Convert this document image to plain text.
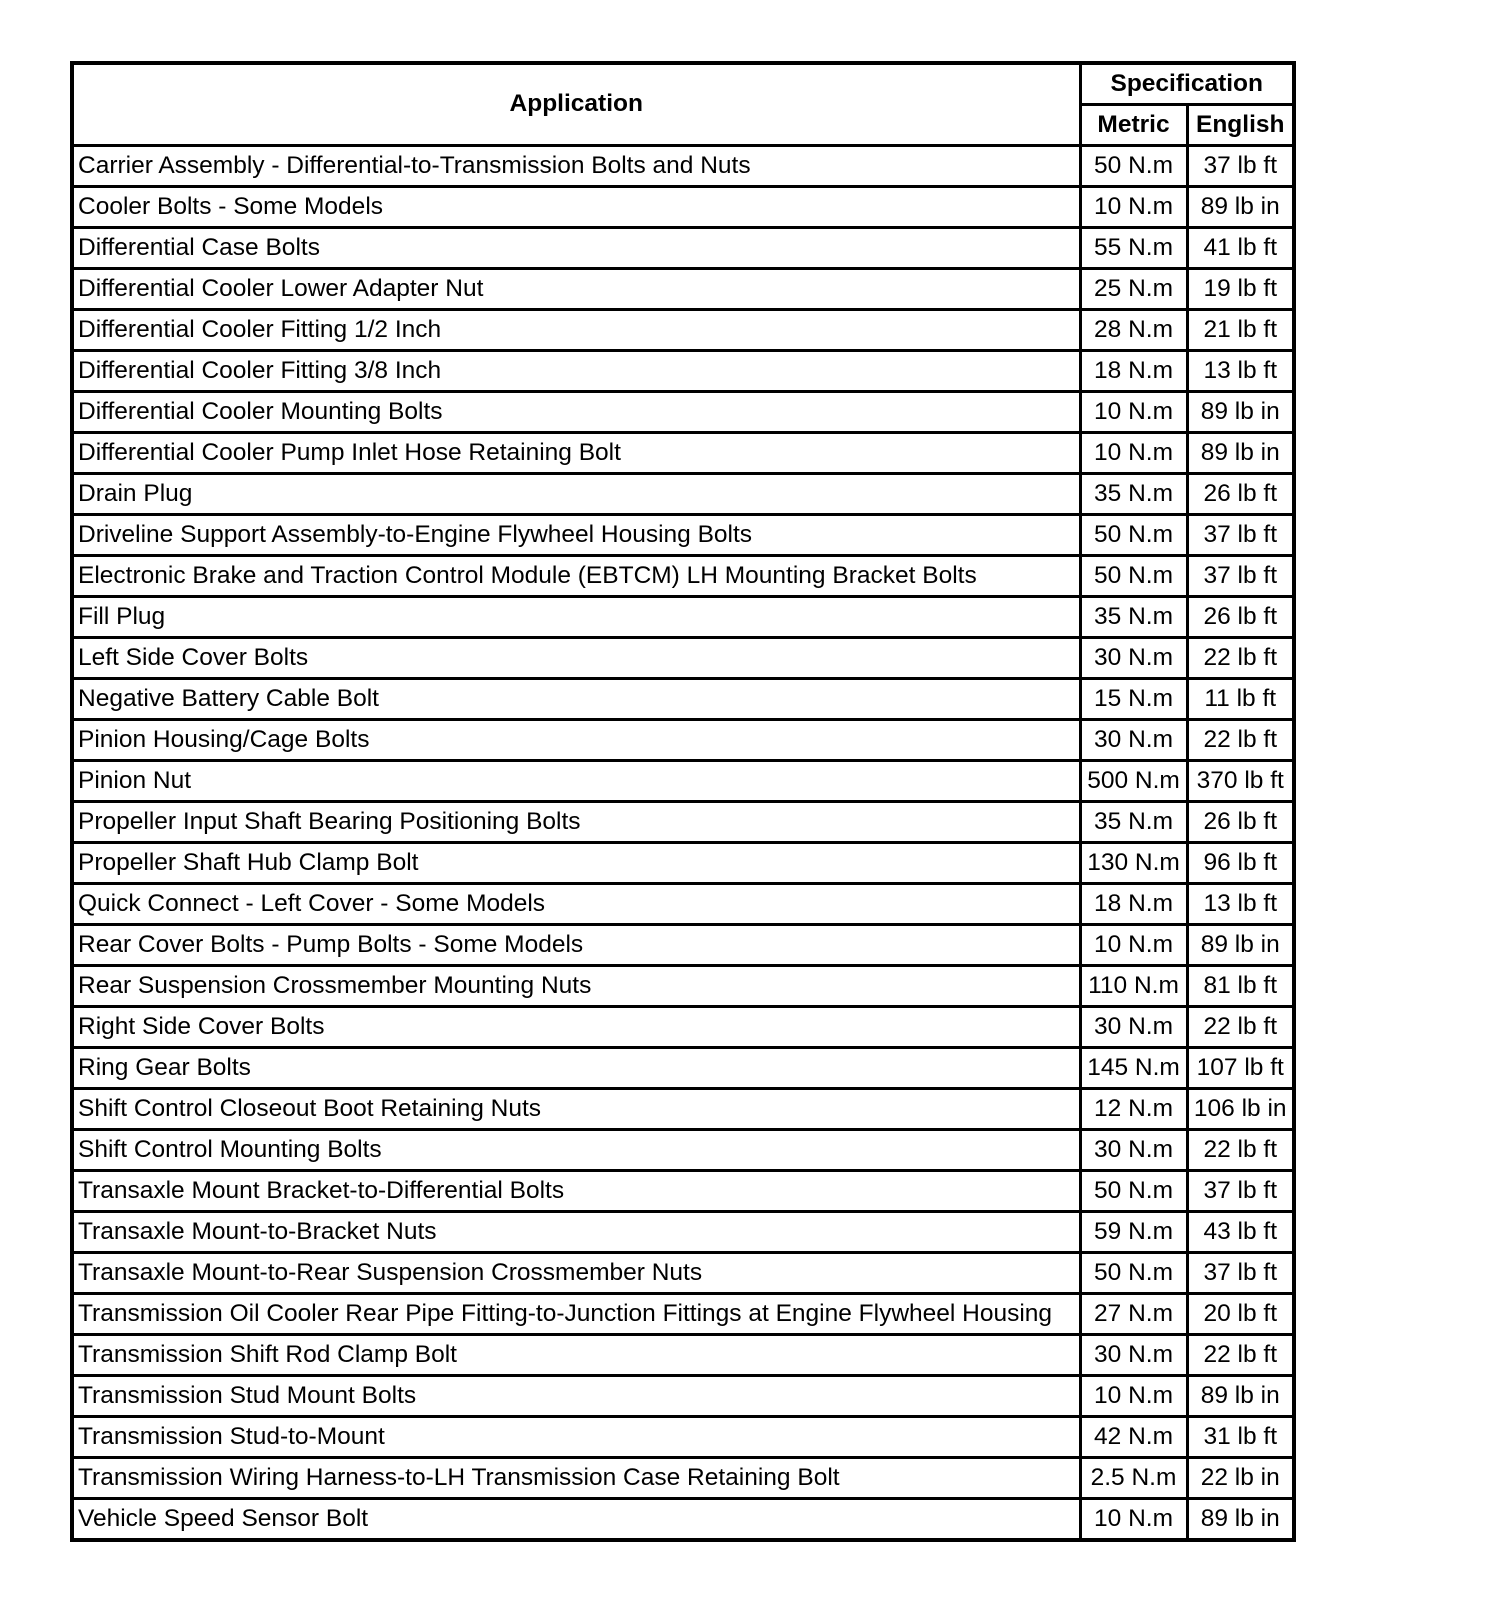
Application	Specification	
	Metric	English
Carrier Assembly - Differential-to-Transmission Bolts and Nuts	50 N.m	37 lb ft
Cooler Bolts - Some Models	10 N.m	89 lb in
Differential Case Bolts	55 N.m	41 lb ft
Differential Cooler Lower Adapter Nut	25 N.m	19 lb ft
Differential Cooler Fitting 1/2 Inch	28 N.m	21 lb ft
Differential Cooler Fitting 3/8 Inch	18 N.m	13 lb ft
Differential Cooler Mounting Bolts	10 N.m	89 lb in
Differential Cooler Pump Inlet Hose Retaining Bolt	10 N.m	89 lb in
Drain Plug	35 N.m	26 lb ft
Driveline Support Assembly-to-Engine Flywheel Housing Bolts	50 N.m	37 lb ft
Electronic Brake and Traction Control Module (EBTCM) LH Mounting Bracket Bolts	50 N.m	37 lb ft
Fill Plug	35 N.m	26 lb ft
Left Side Cover Bolts	30 N.m	22 lb ft
Negative Battery Cable Bolt	15 N.m	11 lb ft
Pinion Housing/Cage Bolts	30 N.m	22 lb ft
Pinion Nut	500 N.m	370 lb ft
Propeller Input Shaft Bearing Positioning Bolts	35 N.m	26 lb ft
Propeller Shaft Hub Clamp Bolt	130 N.m	96 lb ft
Quick Connect - Left Cover - Some Models	18 N.m	13 lb ft
Rear Cover Bolts - Pump Bolts - Some Models	10 N.m	89 lb in
Rear Suspension Crossmember Mounting Nuts	110 N.m	81 lb ft
Right Side Cover Bolts	30 N.m	22 lb ft
Ring Gear Bolts	145 N.m	107 lb ft
Shift Control Closeout Boot Retaining Nuts	12 N.m	106 lb in
Shift Control Mounting Bolts	30 N.m	22 lb ft
Transaxle Mount Bracket-to-Differential Bolts	50 N.m	37 lb ft
Transaxle Mount-to-Bracket Nuts	59 N.m	43 lb ft
Transaxle Mount-to-Rear Suspension Crossmember Nuts	50 N.m	37 lb ft
Transmission Oil Cooler Rear Pipe Fitting-to-Junction Fittings at Engine Flywheel Housing	27 N.m	20 lb ft
Transmission Shift Rod Clamp Bolt	30 N.m	22 lb ft
Transmission Stud Mount Bolts	10 N.m	89 lb in
Transmission Stud-to-Mount	42 N.m	31 lb ft
Transmission Wiring Harness-to-LH Transmission Case Retaining Bolt	2.5 N.m	22 lb in
Vehicle Speed Sensor Bolt	10 N.m	89 lb in
